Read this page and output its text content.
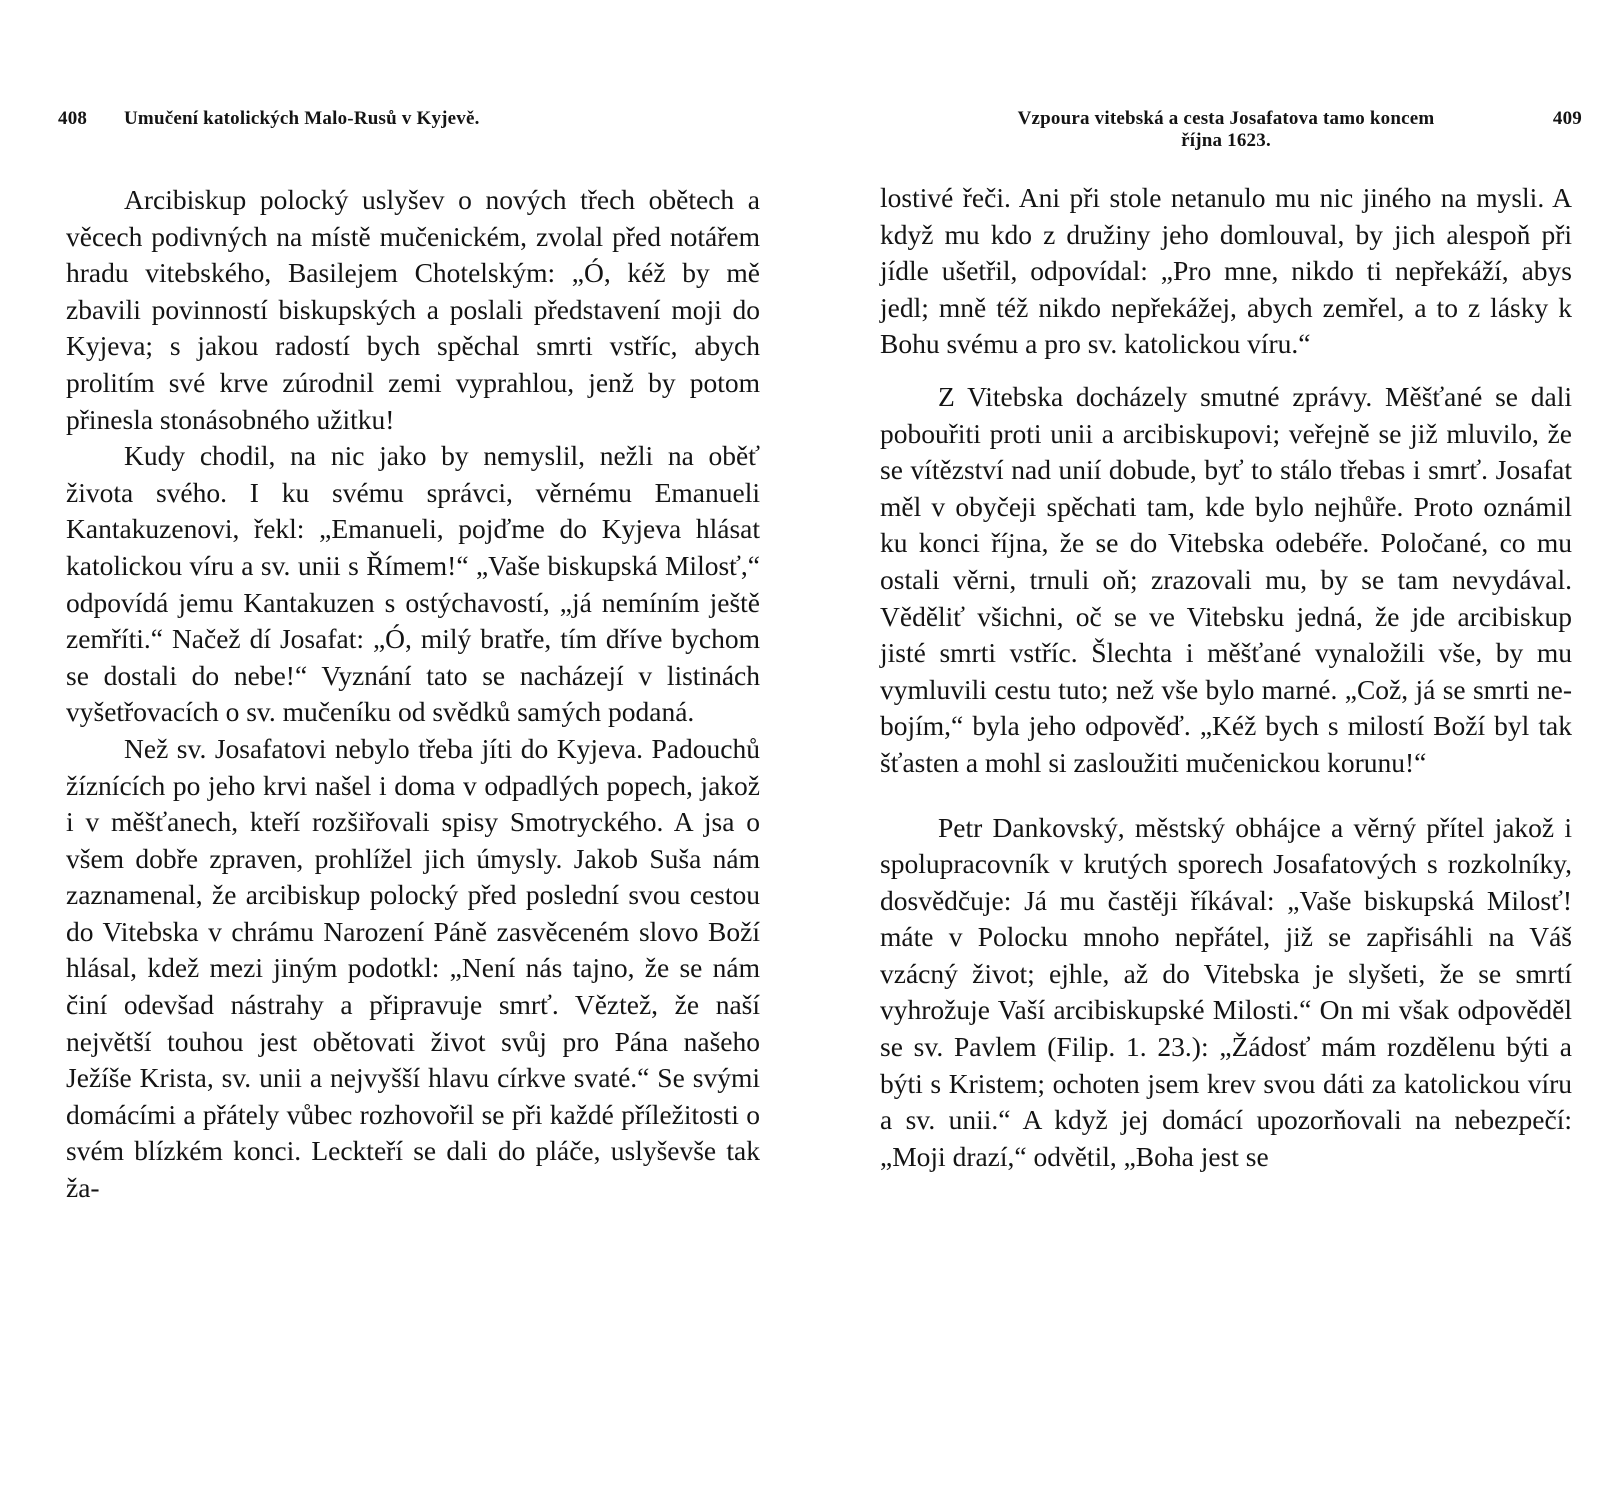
408 Umučení katolických Malo-Rusů v Kyjevě.

Arcibiskup polocký uslyšev o nových třech obětech a věcech podivných na místě mučenickém, zvolal před notářem hradu vitebského, Basilejem Chotelským: „Ó, kéž by mě zbavili povinností biskupských a poslali představení moji do Kyjeva; s jakou radostí bych spěchal smrti vstříc, abych prolitím své krve zúrodnil zemi vyprahlou, jenž by potom přinesla stonásobného užitku!

Kudy chodil, na nic jako by nemyslil, nežli na oběť života svého. I ku svému správci, věrnému Emanueli Kantakuzenovi, řekl: „Emanueli, pojďme do Kyjeva hlásat katolickou víru a sv. unii s Římem!“ „Vaše biskupská Milosť,“ odpovídá jemu Kantakuzen s ostýchavostí, „já nemíním ještě zemříti.“ Načež dí Josafat: „Ó, milý bratře, tím dříve bychom se dostali do nebe!“ Vyznání tato se nacházejí v listinách vyšetřovacích o sv. mučeníku od svědků samých podaná.

Než sv. Josafatovi nebylo třeba jíti do Kyjeva. Padouchů žíznících po jeho krvi našel i doma v odpadlých popech, jakož i v měšťanech, kteří rozšiřovali spisy Smotryckého. A jsa o všem dobře zpraven, prohlížel jich úmysly. Jakob Suša nám zaznamenal, že arcibiskup polocký před poslední svou cestou do Vitebska v chrámu Narození Páně zasvěceném slovo Boží hlásal, kdež mezi jiným podotkl: „Není nás tajno, že se nám činí odevšad nástrahy a připravuje smrť. Věztež, že naší největší touhou jest obětovati život svůj pro Pána našeho Ježíše Krista, sv. unii a nejvyšší hlavu církve svaté.“ Se svými domácími a přátely vůbec rozhovořil se při každé příležitosti o svém blízkém konci. Leckteří se dali do pláče, uslyševše tak ža-

Vzpoura vitebská a cesta Josafatova tamo koncem
října 1623.
409

lostivé řeči. Ani při stole netanulo mu nic jiného na mysli. A když mu kdo z družiny jeho domlouval, by jich alespoň při jídle ušetřil, odpovídal: „Pro mne, nikdo ti nepřekáží, abys jedl; mně též nikdo nepřekážej, abych zemřel, a to z lásky k Bohu svému a pro sv. katolickou víru.“

Z Vitebska docházely smutné zprávy. Měšťané se dali pobouřiti proti unii a arcibiskupovi; veřejně se již mluvilo, že se vítězství nad unií dobude, byť to stálo třebas i smrť. Josafat měl v obyčeji spěchati tam, kde bylo nejhůře. Proto oznámil ku konci října, že se do Vitebska odebéře. Poločané, co mu ostali věrni, trnuli oň; zrazovali mu, by se tam nevydával. Věděliť všichni, oč se ve Vitebsku jedná, že jde arcibiskup jisté smrti vstříc. Šlechta i měšťané vynaložili vše, by mu vymluvili cestu tuto; než vše bylo marné. „Což, já se smrti nebojím,“ byla jeho odpověď. „Kéž bych s milostí Boží byl tak šťasten a mohl si zasloužiti mučenickou korunu!“

Petr Dankovský, městský obhájce a věrný přítel jakož i spolupracovník v krutých sporech Josafatových s rozkolníky, dosvědčuje: Já mu častěji říkával: „Vaše biskupská Milosť! máte v Polocku mnoho nepřátel, již se zapřisáhli na Váš vzácný život; ejhle, až do Vitebska je slyšeti, že se smrtí vyhrožuje Vaší arcibiskupské Milosti.“ On mi však odpověděl se sv. Pavlem (Filip. 1. 23.): „Žádosť mám rozdělenu býti a býti s Kristem; ochoten jsem krev svou dáti za katolickou víru a sv. unii.“ A když jej domácí upozorňovali na nebezpečí: „Moji drazí,“ odvětil, „Boha jest se
